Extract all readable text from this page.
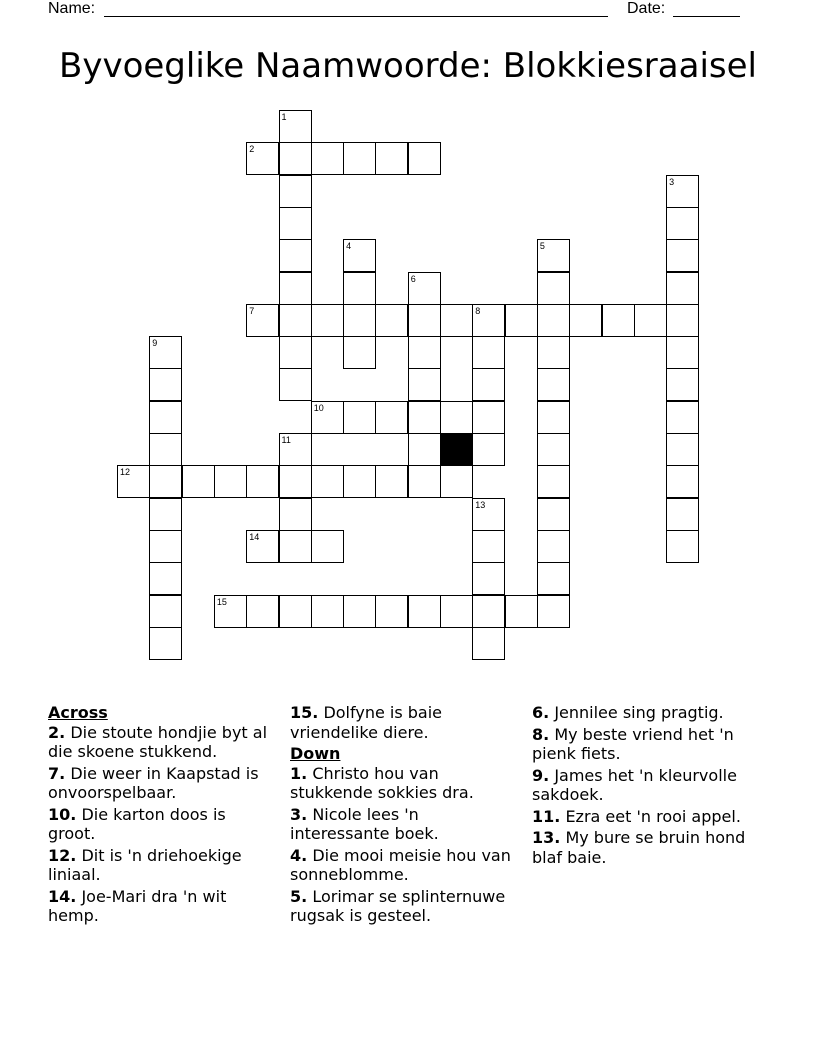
Name:	Date:
Byvoeglike Naamwoorde: Blokkiesraaisel
1
2
3
4	5
6
7	8
9
10
11
12
13
14
15
Across
2. Die stoute hondjie byt al die skoene stukkend.
7. Die weer in Kaapstad is onvoorspelbaar.
10. Die karton doos is groot.
12. Dit is 'n driehoekige liniaal.
14. Joe-Mari dra 'n wit hemp.
15. Dolfyne is baie vriendelike diere.
Down
1. Christo hou van stukkende sokkies dra.
3. Nicole lees 'n interessante boek.
4. Die mooi meisie hou van sonneblomme.
5. Lorimar se splinternuwe rugsak is gesteel.
6. Jennilee sing pragtig.
8. My beste vriend het 'n pienk fiets.
9. James het 'n kleurvolle sakdoek.
11. Ezra eet 'n rooi appel.
13. My bure se bruin hond blaf baie.
